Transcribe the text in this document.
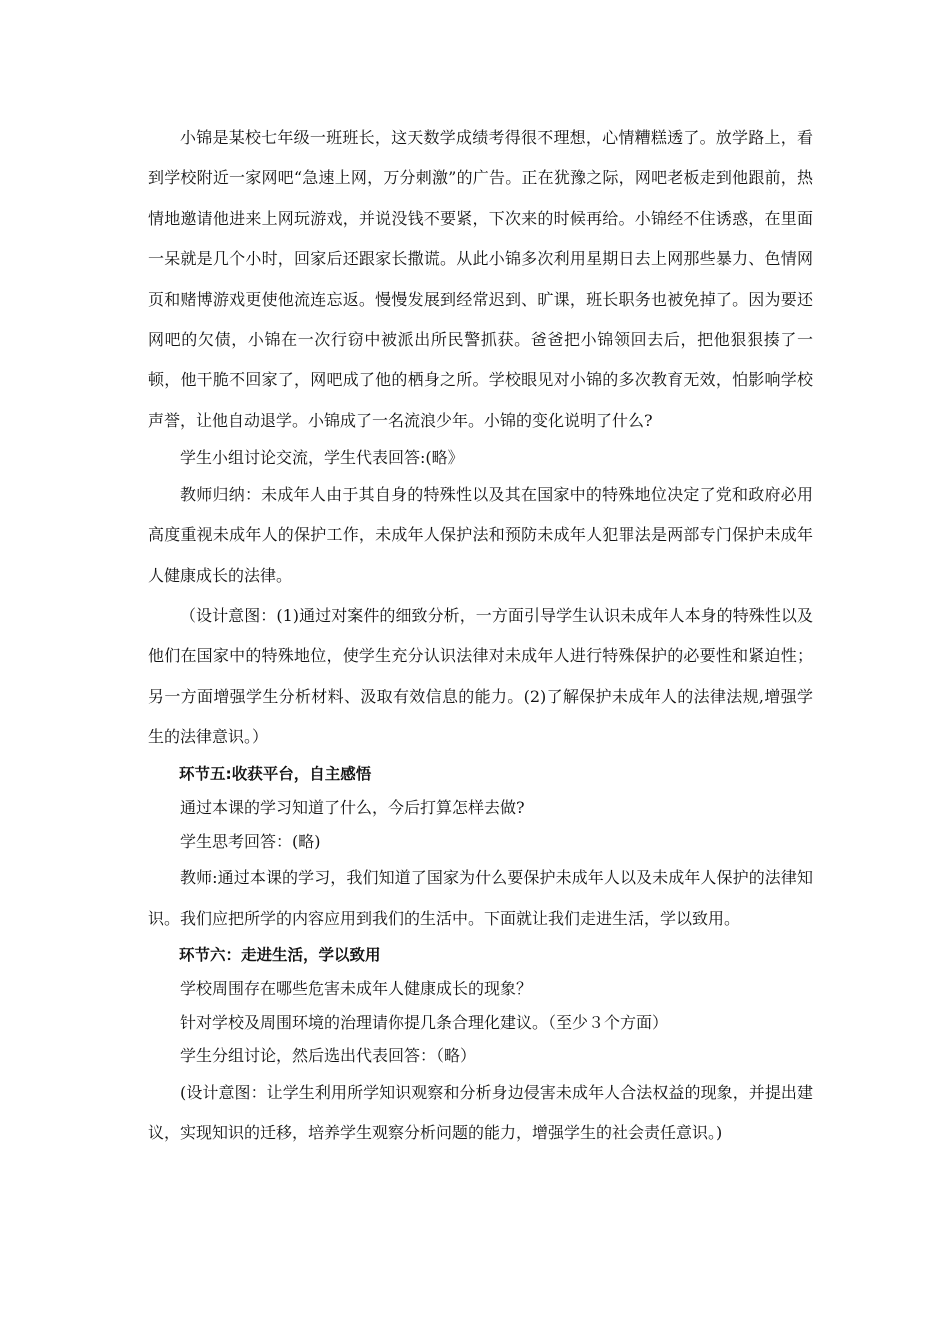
小锦是某校七年级一班班长，这天数学成绩考得很不理想，心情糟糕透了。放学路上，看到学校附近一家网吧“急速上网，万分刺激”的广告。正在犹豫之际，网吧老板走到他跟前，热情地邀请他进来上网玩游戏，并说没钱不要紧，下次来的时候再给。小锦经不住诱惑，在里面一呆就是几个小时，回家后还跟家长撒谎。从此小锦多次利用星期日去上网那些暴力、色情网页和赌博游戏更使他流连忘返。慢慢发展到经常迟到、旷课，班长职务也被免掉了。因为要还网吧的欠债，小锦在一次行窃中被派出所民警抓获。爸爸把小锦领回去后，把他狠狠揍了一顿，他干脆不回家了，网吧成了他的栖身之所。学校眼见对小锦的多次教育无效，怕影响学校声誉，让他自动退学。小锦成了一名流浪少年。小锦的变化说明了什么?

学生小组讨论交流，学生代表回答:(略》

教师归纳：未成年人由于其自身的特殊性以及其在国家中的特殊地位决定了党和政府必用高度重视未成年人的保护工作，未成年人保护法和预防未成年人犯罪法是两部专门保护未成年人健康成长的法律。

（设计意图：(1)通过对案件的细致分析，一方面引导学生认识未成年人本身的特殊性以及他们在国家中的特殊地位，使学生充分认识法律对未成年人进行特殊保护的必要性和紧迫性；另一方面增强学生分析材料、汲取有效信息的能力。(2)了解保护未成年人的法律法规,增强学生的法律意识。）

环节五:收获平台，自主感悟

通过本课的学习知道了什么，今后打算怎样去做?

学生思考回答：(略)

教师:通过本课的学习，我们知道了国家为什么要保护未成年人以及未成年人保护的法律知识。我们应把所学的内容应用到我们的生活中。下面就让我们走进生活，学以致用。

环节六：走进生活，学以致用

学校周围存在哪些危害未成年人健康成长的现象？

针对学校及周围环境的治理请你提几条合理化建议。（至少３个方面）

学生分组讨论，然后选出代表回答：（略）

(设计意图：让学生利用所学知识观察和分析身边侵害未成年人合法权益的现象，并提出建议，实现知识的迁移，培养学生观察分析问题的能力，增强学生的社会责任意识。)
